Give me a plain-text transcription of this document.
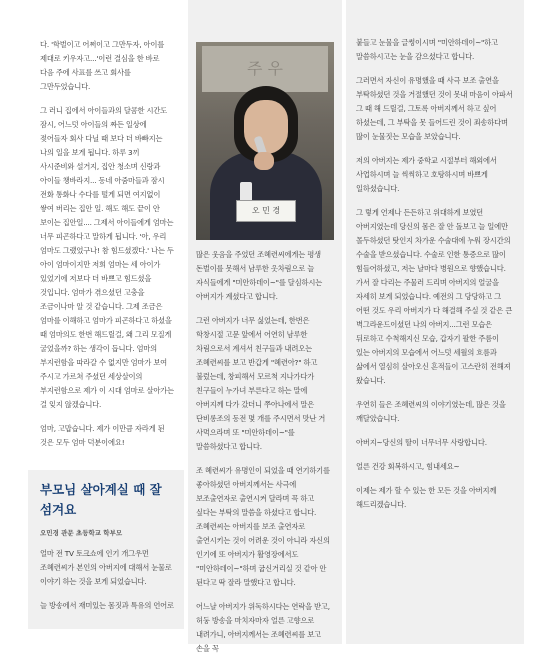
다. '학벌이고 어쩌이고 그만두자, 아이를 제대로 키우자고...'이런 결심을 한 바로 다음 주에 사표를 쓰고 회사를 그만두었습니다.

그 러니 집에서 아이들과의 달콤한 시간도 잠시, 어느덧 아이들의 짜든 일상에 젖어들자 회사 다닐 때 보다 더 바빠지는 나의 일을 보게 됩니다. 하루 3끼 사시준비와 설거지, 집안 청소며 신랑과 아이들 챙바라지... 동네 아줌마들과 잠시 전화 통화나 수다를 떨게 되면 여지없이 쌓여 버리는 집안 일. 해도 해도 끝이 안 보이는 집안일.... 그제서 아이들에게 엄마는 너무 피곤하다고 말하게 됩니다. '아, 우리 엄마도 그랬었구나! 참 힘드셨겠다.' 나는 두 아이 엄마이지만 저희 엄마는 세 아이가 있었기에 저보다 더 바쁘고 힘드셨을 것입니다. 엄마가 겪으셨던 고충을 조금이나마 알 것 같습니다. 그제 조금은 엄마를 이해하고 엄마가 피곤하다고 하셨을 때 엄마의도 한번 해드릴걸, 왜 그리 모질게 굴었을까? 하는 생각이 듭니다. 엄마의 부지런함을 따라갈 수 없지만 엄마가 보여 주시고 가르쳐 주셨던 세상살이의 부지런함으로 제가 이 시대 엄마로 살아가는 걸 잊지 않겠습니다.

엄마, 고맙습니다. 제가 이만큼 자라게 된 것은 모두 엄마 덕분이에요!

부모님 살아계실 때 잘 섬겨요
오민경 관문 초등학교 학부모

얼마 전 TV 토크쇼에 인기 개그우먼 조혜련씨가 본인의 아버지에 대해서 눈물로 이야기 하는 것을 보게 되었습니다.

늘 방송에서 재미있는 몸짓과 특유의 언어로

주 우
오 민 경

많은 웃음을 주었던 조혜련씨에게는 평생 돈벌이를 못해서 남루한 옷차림으로 늘 자식들에게 "미안하데이~"를 달심하시는 아버지가 계셨다고 합니다.

그런 아버지가 너무 싫었는데, 한번은 학창시절 고문 앞에서 어연히 남루한 차림으로서 계셔서 친구들과 내려오는 조혜련씨를 보고 반갑게 "혜련아?" 하고 불렀는데, 창피해서 모르척 지나가다가 친구들이 누가녀 부른다고 하는 말에 아버지께 다가 갔더니 쭈아나에서 말은 단비롱조의 동전 몇 개를 주시면서 맛난 거 사먹으라며 또 "미안하데이~"를 말씀하셨다고 합니다.

조 혜련씨가 유명인이 되었을 때 연기하기를 좋아하셨던 아버지께서는 사극에 보조출연자로 출연시켜 달라며 꼭 하고 싶다는 부탁의 말씀을 하셨다고 합니다. 조혜련씨는 아버지를 보조 출연자로 출연시키는 것이 어려운 것이 아니라 자신의 인기에 또 아버지가 활영장에서도 "미안하데이~"하며 굽신거리실 것 같아 안 된다고 딱 잘라 말했다고 합니다.

어느날 아버지가 위독하시다는 연락을 받고, 허둥 방송을 마치자마자 얼른 고향으로 내려가니, 아버지께서는 조혜련씨를 보고 손을 꼭

붙들고 눈물을 글썽이시며 "미안하데이~"하고 말씀하시고는 눈을 감으셨다고 합니다.

그러면서 자신이 유명했을 때 사극 보조 출연을 부탁하셨던 것을 거절했던 것이 못내 마음이 아파서 그 때 해 드릴걸, 그토록 아버지께서 하고 싶어 하셨는데, 그 부탁을 못 들어드린 것이 죄송하다며 많이 눈물짓는 모습을 보았습니다.

저의 아버지는 제가 중학교 시절부터 해외에서 사업하시며 늘 씩씩하고 호탕하시며 바쁘게 일하셨습니다.

그 렇게 언제나 든든하고 위대하게 보였던 아버지였는데 당신의 몸은 잘 안 돌보고 늘 일에만 몰두하셨던 탓인지 차가운 수술대에 누워 장시간의 수술을 받으셨습니다. 수술로 인한 통증으로 많이 힘들어하셨고, 저는 날마다 병원으로 향했습니다. 가서 잘 다리는 주물러 드리며 아버지의 얼굴을 자세히 보게 되었습니다. 예전의 그 당당하고 그 어떤 것도 우리 아버지가 다 해결해 주실 것 같은 큰 벽그라운드이셨던 나의 아버지...그런 모습은 뒤로하고 수척해지신 모습, 갑자기 팔한 주름이 있는 아버지의 모습에서 어느덧 세월의 흐름과 삶에서 열심히 살아오신 흔적들이 고스란히 전해져 왔습니다.

우연히 들은 조혜련씨의 이야기였는데, 많은 것을 깨달았습니다.

아버지~당신의 딸이 너무너무 사랑합니다.

얼른 건강 회복하시고, 힘내세요~

이제는 제가 할 수 있는 한 모든 것을 아버지께 해드리겠습니다.
